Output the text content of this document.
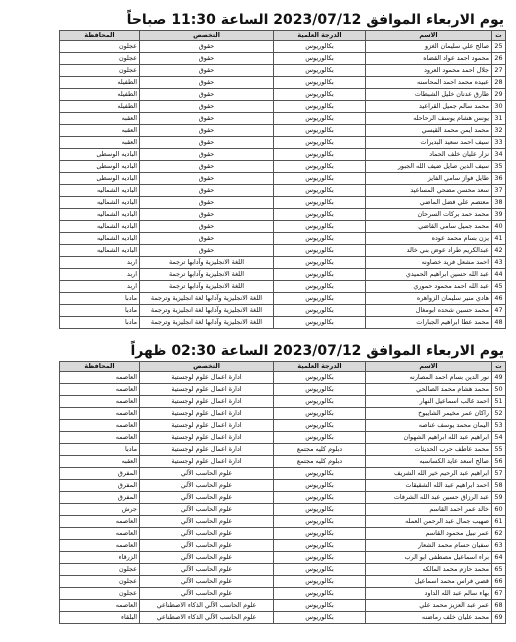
يوم الاربعاء الموافق 2023/07/12 الساعة 11:30 صباحاً
ت	الاسم	الدرجة العلمية	التخصص	المحافظة
25	صالح علي سليمان الغزو	بكالوريوس	حقوق	عجلون
26	محمود احمد عواد القضاه	بكالوريوس	حقوق	عجلون
27	جلال احمد محمود العرود	بكالوريوس	حقوق	عجلون
28	عبيده محمد احمد المحاسنه	بكالوريوس	حقوق	الطفيله
29	طارق عدنان خليل الشبطات	بكالوريوس	حقوق	الطفيله
30	محمد سالم جميل القراعيد	بكالوريوس	حقوق	الطفيله
31	يونس هشام يوسف الرحاحله	بكالوريوس	حقوق	العقبه
32	محمد ايمن محمد القيسي	بكالوريوس	حقوق	العقبه
33	سيف احمد سعيد البديرات	بكالوريوس	حقوق	العقبه
34	نزار عليان خلف الحماد	بكالوريوس	حقوق	الباديه الوسطى
35	سيف الدين صايل ضيف الله الجبور	بكالوريوس	حقوق	الباديه الوسطى
36	طايل فواز سامي الفايز	بكالوريوس	حقوق	الباديه الوسطى
37	سعد محسن مضحي المساعيد	بكالوريوس	حقوق	الباديه الشماليه
38	معتصم علي فضل الماضي	بكالوريوس	حقوق	الباديه الشماليه
39	محمد حمد بركات السرحان	بكالوريوس	حقوق	الباديه الشماليه
40	محمد جميل سامي القاضي	بكالوريوس	حقوق	الباديه الشماليه
41	يزن بسام محمد عوده	بكالوريوس	حقوق	الباديه الشماليه
42	عبدالكريم طراد عوض بني خالد	بكالوريوس	حقوق	الباديه الشماليه
43	احمد مشعل فريد خصاونه	بكالوريوس	اللغة الانجليزية وآدابها ترجمة	اربد
44	عبد الله حسين ابراهيم الحميدي	بكالوريوس	اللغة الانجليزية وآدابها ترجمة	اربد
45	عبد الله احمد محمود حموري	بكالوريوس	اللغة الانجليزية وآدابها ترجمة	اربد
46	هادي منير سليمان الزواهره	بكالوريوس	اللغة الانجليزية وآدابها لغة انجليزية وترجمة	مادبا
47	محمد حسين شحده ابومغال	بكالوريوس	اللغة الانجليزية وآدابها لغة انجليزية وترجمة	مادبا
48	محمد عطا ابراهيم الجبارات	بكالوريوس	اللغة الانجليزية وآدابها لغة انجليزية وترجمة	مادبا
يوم الاربعاء الموافق 2023/07/12 الساعة 02:30 ظهراً
ت	الاسم	الدرجة العلمية	التخصص	المحافظة
49	نور الدين بسام احمد المصارنه	بكالوريوس	ادارة اعمال علوم لوجستية	العاصمه
50	محمد هشام محمد الصالحي	بكالوريوس	ادارة اعمال علوم لوجستية	العاصمه
51	احمد غالب اسماعيل النهار	بكالوريوس	ادارة اعمال علوم لوجستية	العاصمه
52	راكان عمر مخيمر الشايبوخ	بكالوريوس	ادارة اعمال علوم لوجستية	العاصمه
53	اليمان محمد يوسف عناصه	بكالوريوس	ادارة اعمال علوم لوجستية	العاصمه
54	ابراهيم عبد الله ابراهيم الشهوان	بكالوريوس	ادارة اعمال علوم لوجستية	العاصمه
55	محمد عاطف حرب الحديثات	دبلوم كليه مجتمع	ادارة اعمال علوم لوجستية	مادبا
56	صالح اسعد عايد الكساسبه	دبلوم كليه مجتمع	ادارة اعمال علوم لوجستية	العقبه
57	ابراهيم عبد الرحيم خير الله الشريف	بكالوريوس	علوم الحاسب الآلي	المفرق
58	احمد ابراهيم عبد الله الشقيقات	بكالوريوس	علوم الحاسب الآلي	المفرق
59	عبد الرزاق حسين عبد الله الشرفات	بكالوريوس	علوم الحاسب الآلي	المفرق
60	خالد عمر احمد القاسم	بكالوريوس	علوم الحاسب الآلي	جرش
61	صهيب جمال عبد الرحمن العمله	بكالوريوس	علوم الحاسب الآلي	العاصمه
62	عمر نبيل محمود القاسم	بكالوريوس	علوم الحاسب الآلي	العاصمه
63	سفيان حسام محمد الشعار	بكالوريوس	علوم الحاسب الآلي	العاصمه
64	براء اسماعيل مصطفى ابو الرب	بكالوريوس	علوم الحاسب الآلي	الزرقاء
65	محمد حازم محمد المالكه	بكالوريوس	علوم الحاسب الآلي	عجلون
66	قصي فراس محمد اسماعيل	بكالوريوس	علوم الحاسب الآلي	عجلون
67	بهاء سالم عبد الله الداود	بكالوريوس	علوم الحاسب الآلي	عجلون
68	عمر عبد العزيز محمد علي	بكالوريوس	علوم الحاسب الآلي الذكاء الاصطناعي	العاصمه
69	محمد عليان خلف رماضنه	بكالوريوس	علوم الحاسب الآلي الذكاء الاصطناعي	البلقاء
